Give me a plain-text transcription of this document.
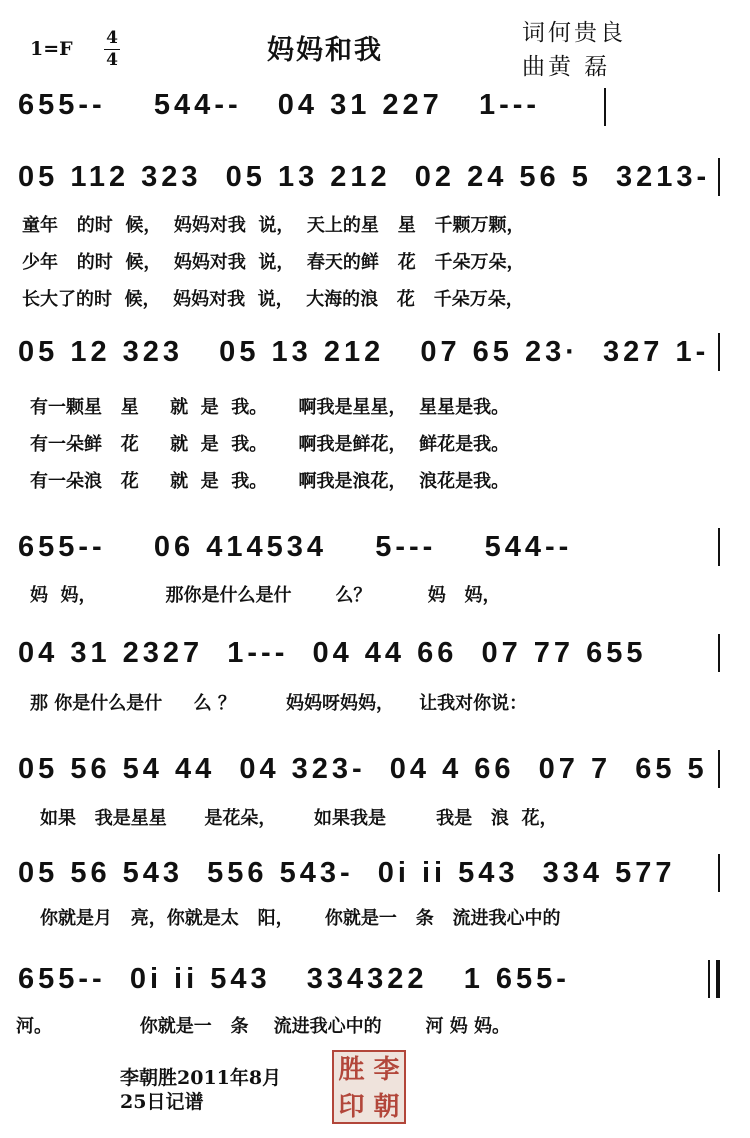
妈妈和我
1=F 4
4
词何贵良
曲黄 磊
655--    544--   04 31 227   1---
05 112 323  05 13 212  02 24 56 5  3213-
童年   的时  候，  妈妈对我  说，  天上的星   星   千颗万颗，
少年   的时  候，  妈妈对我  说，  春天的鲜   花   千朵万朵，
长大了的时  候，  妈妈对我  说，  大海的浪   花   千朵万朵，
05 12 323   05 13 212   07 65 23·  327 1-
有一颗星   星     就  是  我。     啊我是星星，  星星是我。
有一朵鲜   花     就  是  我。     啊我是鲜花，  鲜花是我。
有一朵浪   花     就  是  我。     啊我是浪花，  浪花是我。
655--    06 414534    5---    544--
妈  妈，           那你是什么是什       么？         妈   妈，
04 31 2327  1---  04 44 66  07 77 655
那 你是什么是什     么 ？        妈妈呀妈妈，    让我对你说：
05 56 54 44  04 323-  04 4 66  07 7  65 5
如果   我是星星      是花朵，      如果我是        我是   浪  花，
05 56 543  556 543-  0i ii 543  334 577
你就是月   亮，你就是太   阳，     你就是一   条   流进我心中的
655--  0i ii 543   334322   1 655-
河。              你就是一   条    流进我心中的       河 妈 妈。
李朝胜2011年8月
25日记谱
胜 李
印 朝
